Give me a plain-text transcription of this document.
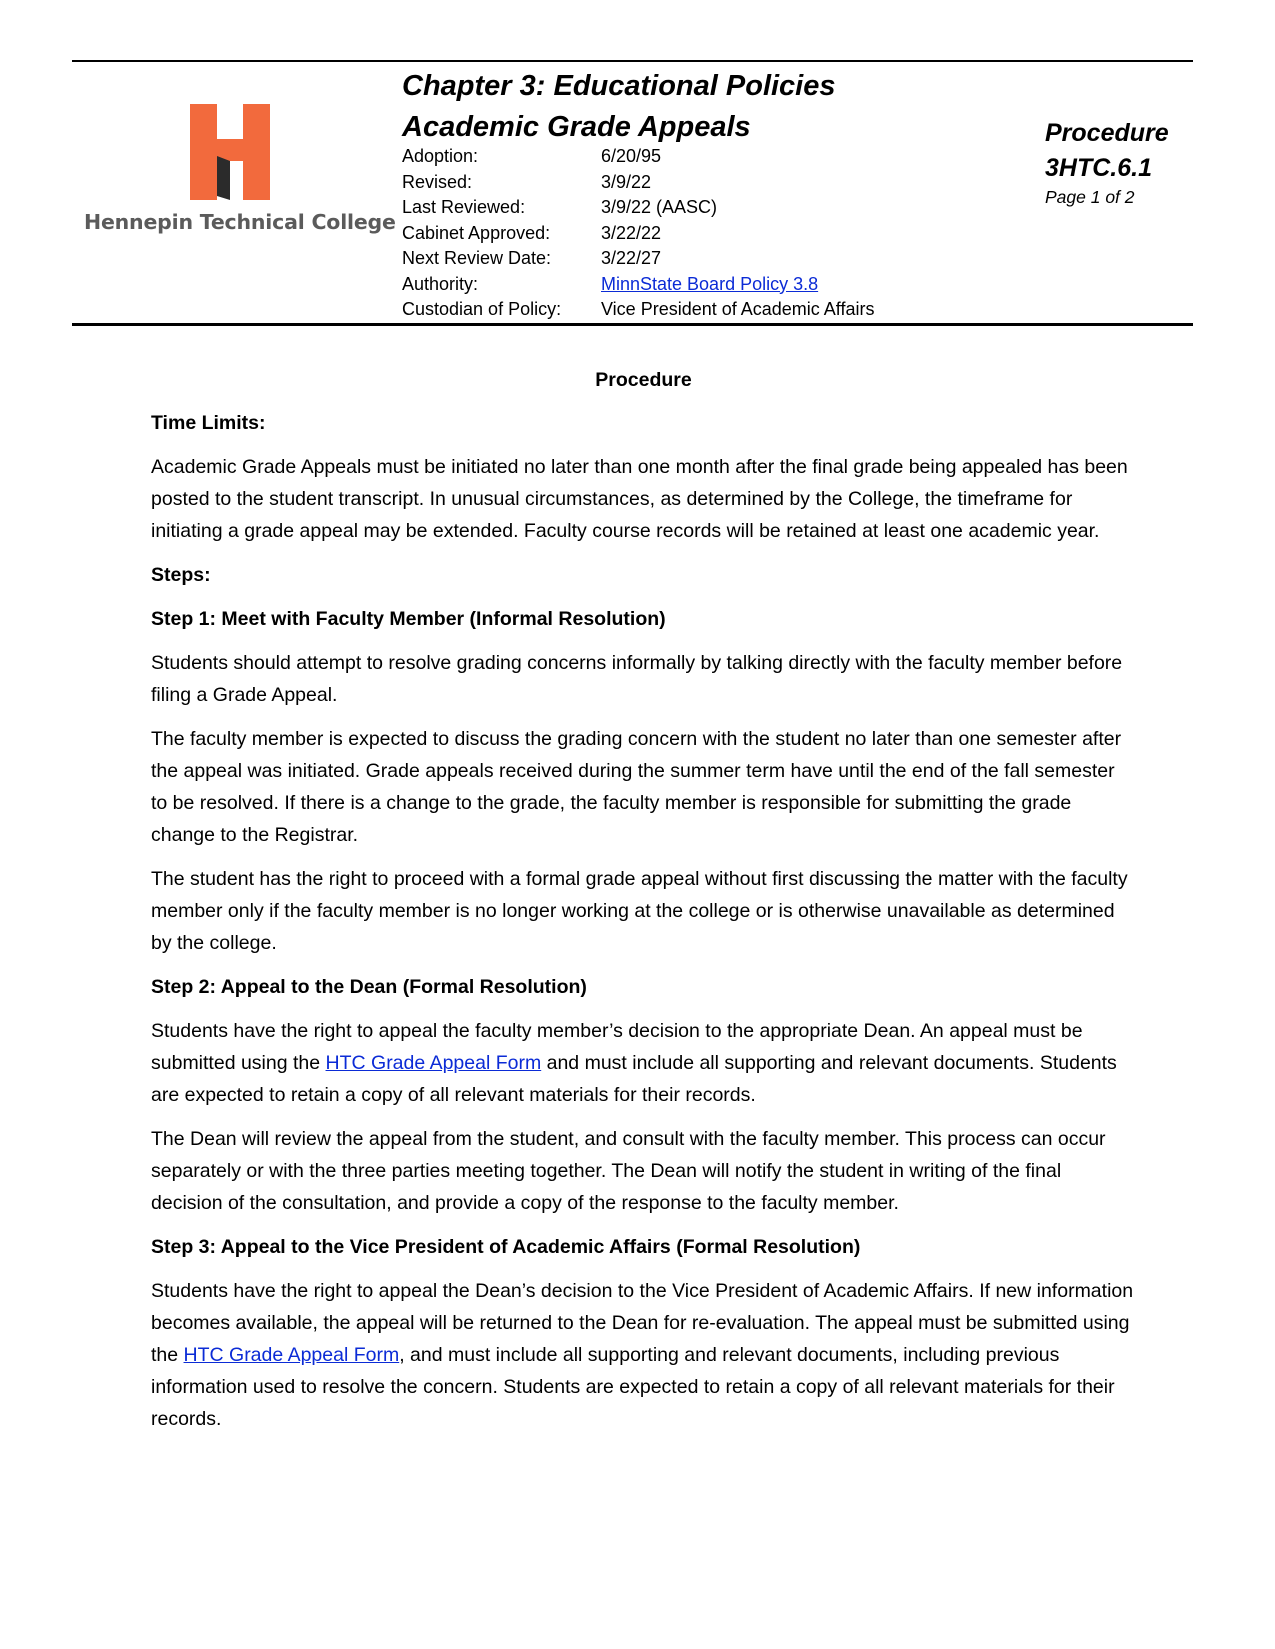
Hennepin Technical College
Chapter 3: Educational Policies
Academic Grade Appeals
Adoption:	6/20/95
Revised:	3/9/22
Last Reviewed:	3/9/22 (AASC)
Cabinet Approved:	3/22/22
Next Review Date:	3/22/27
Authority:	MinnState Board Policy 3.8
Custodian of Policy:	Vice President of Academic Affairs
Procedure
3HTC.6.1
Page 1 of 2
Procedure
Time Limits:
Academic Grade Appeals must be initiated no later than one month after the final grade being appealed has been posted to the student transcript. In unusual circumstances, as determined by the College, the timeframe for initiating a grade appeal may be extended. Faculty course records will be retained at least one academic year.
Steps:
Step 1: Meet with Faculty Member (Informal Resolution)
Students should attempt to resolve grading concerns informally by talking directly with the faculty member before filing a Grade Appeal.
The faculty member is expected to discuss the grading concern with the student no later than one semester after the appeal was initiated. Grade appeals received during the summer term have until the end of the fall semester to be resolved. If there is a change to the grade, the faculty member is responsible for submitting the grade change to the Registrar.
The student has the right to proceed with a formal grade appeal without first discussing the matter with the faculty member only if the faculty member is no longer working at the college or is otherwise unavailable as determined by the college.
Step 2: Appeal to the Dean (Formal Resolution)
Students have the right to appeal the faculty member’s decision to the appropriate Dean. An appeal must be submitted using the HTC Grade Appeal Form and must include all supporting and relevant documents. Students are expected to retain a copy of all relevant materials for their records.
The Dean will review the appeal from the student, and consult with the faculty member. This process can occur separately or with the three parties meeting together. The Dean will notify the student in writing of the final decision of the consultation, and provide a copy of the response to the faculty member.
Step 3: Appeal to the Vice President of Academic Affairs (Formal Resolution)
Students have the right to appeal the Dean’s decision to the Vice President of Academic Affairs. If new information becomes available, the appeal will be returned to the Dean for re-evaluation. The appeal must be submitted using the HTC Grade Appeal Form, and must include all supporting and relevant documents, including previous information used to resolve the concern. Students are expected to retain a copy of all relevant materials for their records.
